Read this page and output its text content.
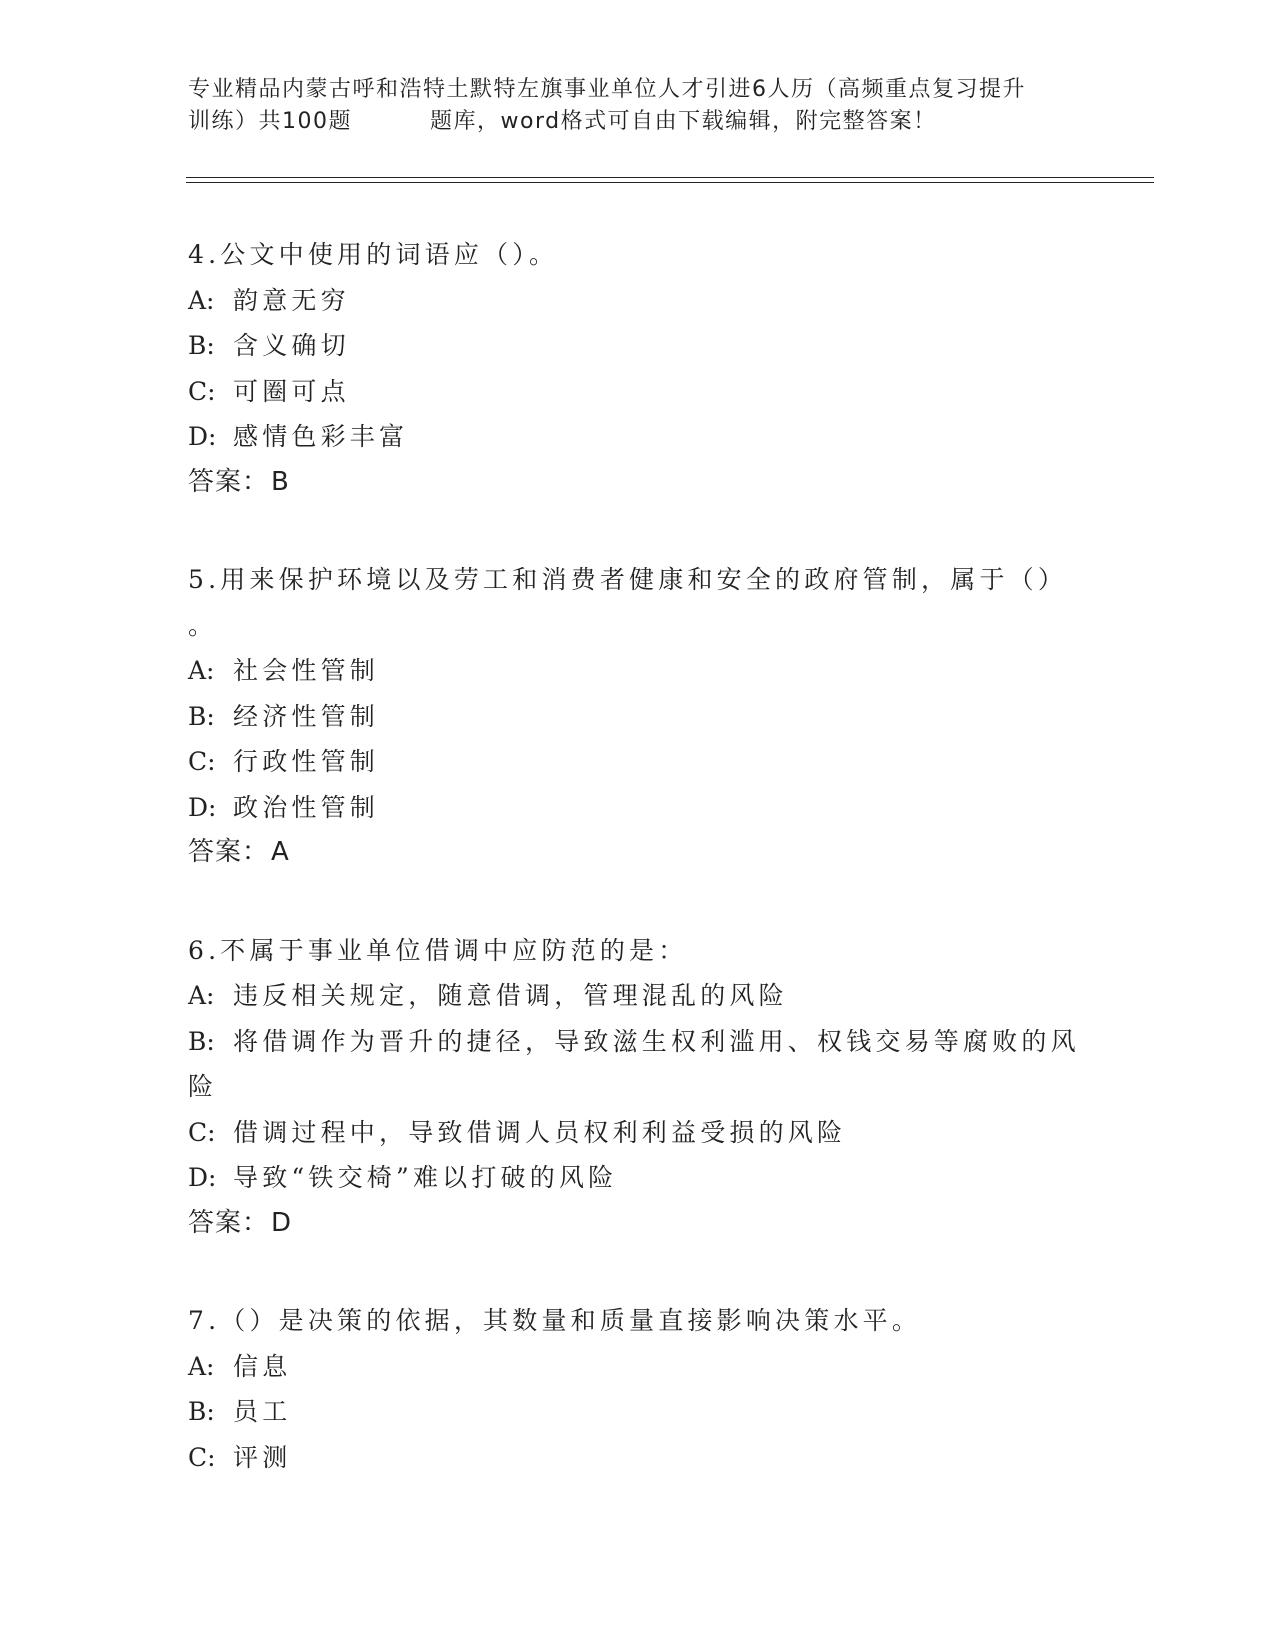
专业精品内蒙古呼和浩特土默特左旗事业单位人才引进6人历（高频重点复习提升
训练）共100题	题库，word格式可自由下载编辑，附完整答案！
4.公文中使用的词语应（）。
A: 韵意无穷
B: 含义确切
C: 可圈可点
D: 感情色彩丰富
答案：B
5.用来保护环境以及劳工和消费者健康和安全的政府管制，属于（）
。
A: 社会性管制
B: 经济性管制
C: 行政性管制
D: 政治性管制
答案：A
6.不属于事业单位借调中应防范的是：
A: 违反相关规定，随意借调，管理混乱的风险
B: 将借调作为晋升的捷径，导致滋生权利滥用、权钱交易等腐败的风
险
C: 借调过程中，导致借调人员权利利益受损的风险
D: 导致“铁交椅”难以打破的风险
答案：D
7.（）是决策的依据，其数量和质量直接影响决策水平。
A: 信息
B: 员工
C: 评测
